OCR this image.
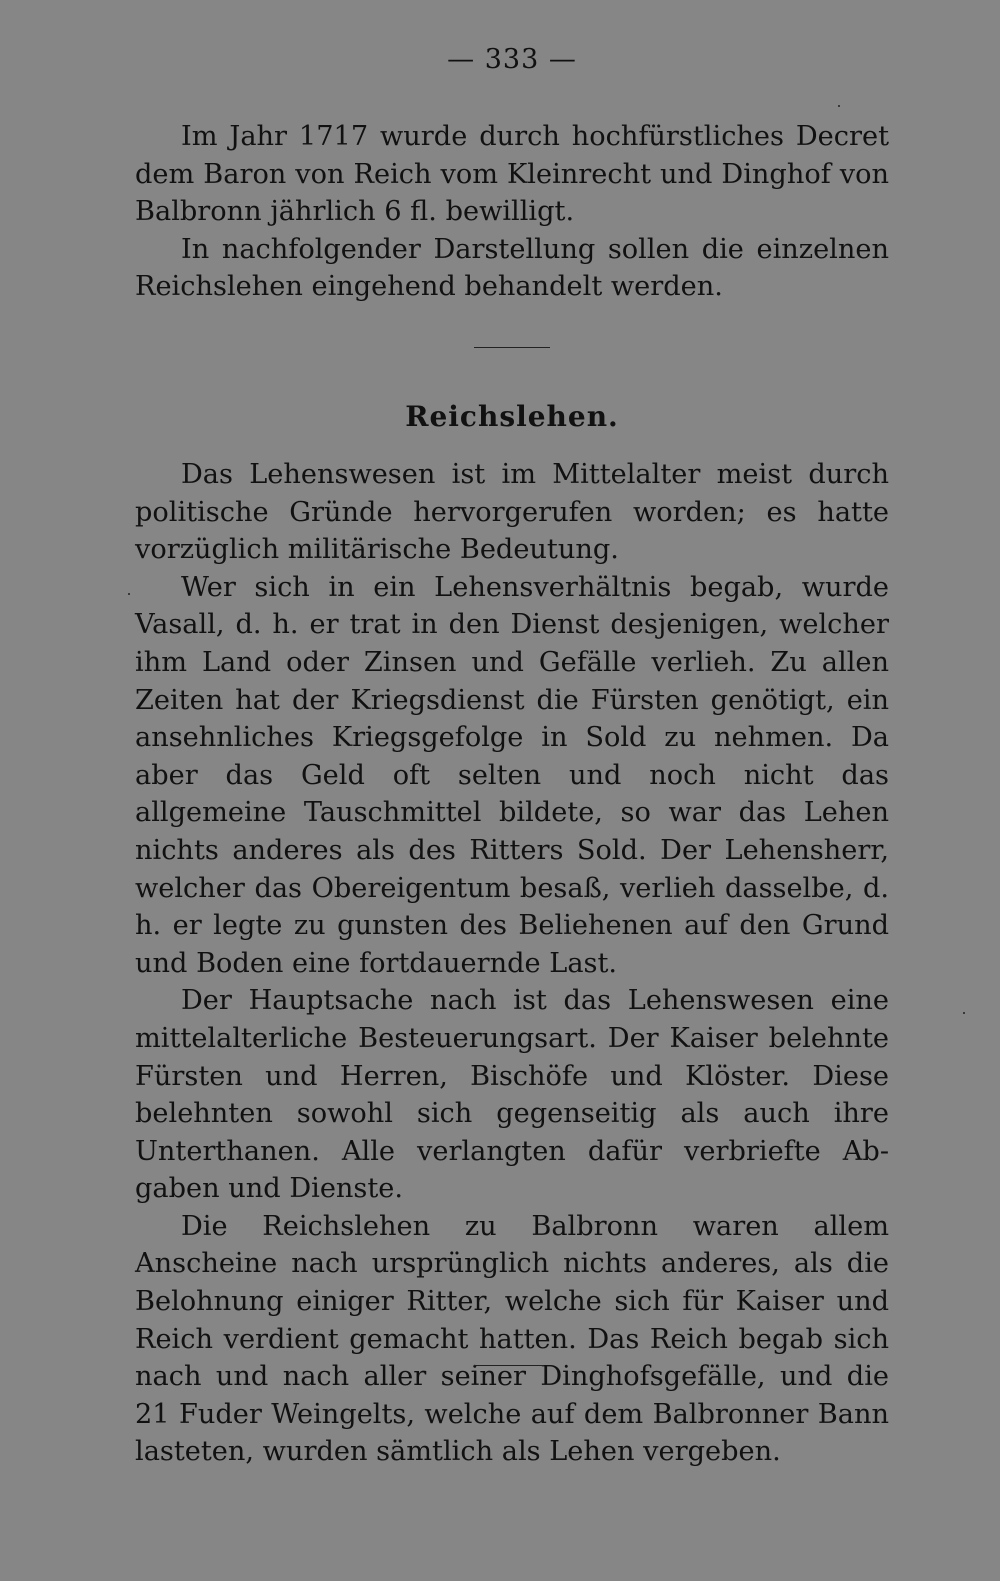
— 333 —

Im Jahr 1717 wurde durch hochfürstliches Decret dem Baron von Reich vom Kleinrecht und Dinghof von Balbronn jährlich 6 fl. bewilligt.

In nachfolgender Darstellung sollen die einzelnen Reichslehen eingehend behandelt werden.

Reichslehen.

Das Lehenswesen ist im Mittelalter meist durch politische Gründe hervorgerufen worden; es hatte vorzüglich militärische Bedeutung.

Wer sich in ein Lehensverhältnis begab, wurde Vasall, d. h. er trat in den Dienst desjenigen, welcher ihm Land oder Zinsen und Gefälle verlieh. Zu allen Zeiten hat der Kriegsdienst die Fürsten genötigt, ein ansehnliches Kriegsgefolge in Sold zu nehmen. Da aber das Geld oft selten und noch nicht das allgemeine Tauschmittel bildete, so war das Lehen nichts anderes als des Ritters Sold. Der Lehensherr, welcher das Obereigentum besaß, verlieh dasselbe, d. h. er legte zu gunsten des Beliehenen auf den Grund und Boden eine fortdauernde Last.

Der Hauptsache nach ist das Lehenswesen eine mittelalterliche Besteuerungsart. Der Kaiser belehnte Fürsten und Herren, Bischöfe und Klöster. Diese belehnten sowohl sich gegenseitig als auch ihre Unterthanen. Alle verlangten dafür verbriefte Abgaben und Dienste.

Die Reichslehen zu Balbronn waren allem Anscheine nach ursprünglich nichts anderes, als die Belohnung einiger Ritter, welche sich für Kaiser und Reich verdient gemacht hatten. Das Reich begab sich nach und nach aller seiner Dinghofsgefälle, und die 21 Fuder Weingelts, welche auf dem Balbronner Bann lasteten, wurden sämtlich als Lehen vergeben.
